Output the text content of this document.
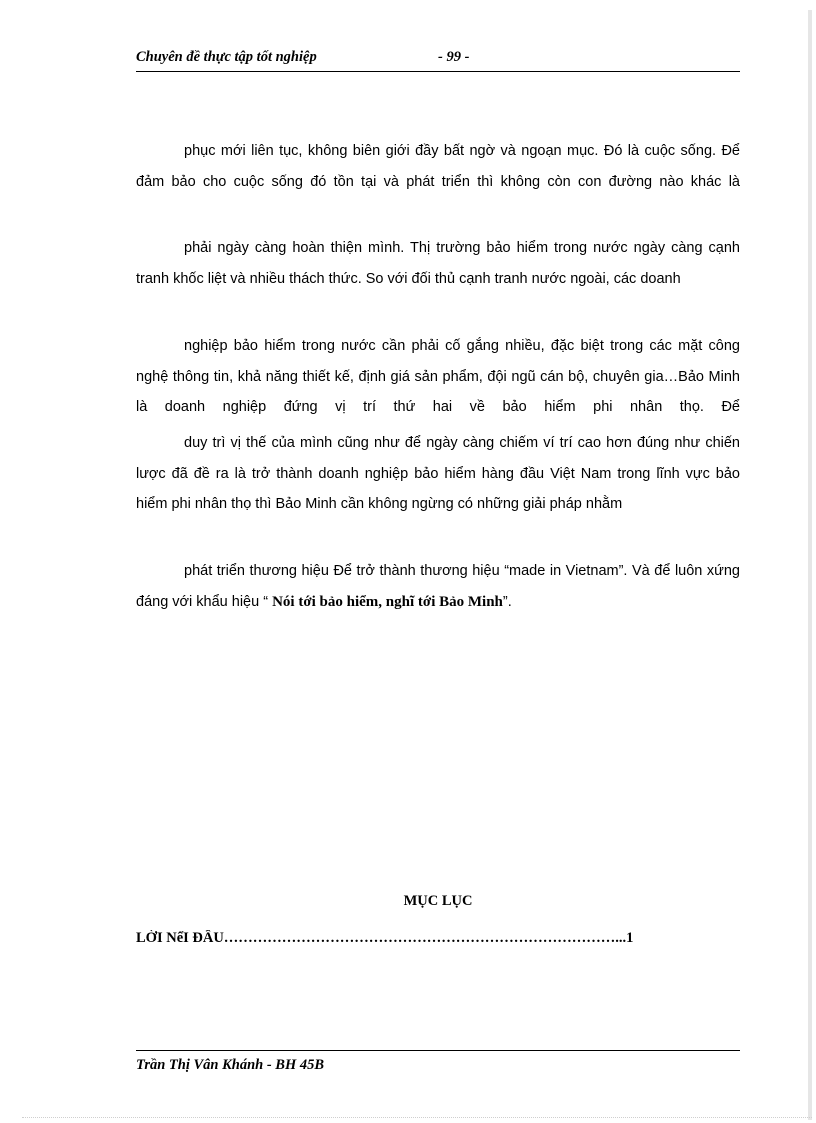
Chuyên đề thực tập tốt nghiệp	- 99 -

phục mới liên tục, không biên giới đầy bất ngờ và ngoạn mục. Đó là cuộc sống. Để đảm bảo cho cuộc sống đó tồn tại và phát triển thì không còn con đường nào khác là

phải ngày càng hoàn thiện mình. Thị trường bảo hiểm trong nước ngày càng cạnh tranh khốc liệt và nhiều thách thức. So với đối thủ cạnh tranh nước ngoài, các doanh

nghiệp bảo hiểm trong nước cần phải cố gắng nhiều, đặc biệt trong các mặt công nghệ thông tin, khả năng thiết kế, định giá sản phẩm, đội ngũ cán bộ, chuyên gia…Bảo Minh là doanh nghiệp đứng vị trí thứ hai về bảo hiểm phi nhân thọ. Để

duy trì vị thế của mình cũng như để ngày càng chiếm ví trí cao hơn đúng như chiến lược đã đề ra là trở thành doanh nghiệp bảo hiểm hàng đầu Việt Nam trong lĩnh vực bảo hiểm phi nhân thọ thì Bảo Minh cần không ngừng có những giải pháp nhằm

phát triển thương hiệu Để trở thành thương hiệu “made in Vietnam”. Và để luôn xứng đáng với khẩu hiệu “ Nói tới bảo hiểm, nghĩ tới Bảo Minh”.

MỤC LỤC
LỜI NểI ĐẦU………………………………………………………………………...1
Trần Thị Vân Khánh - BH 45B
